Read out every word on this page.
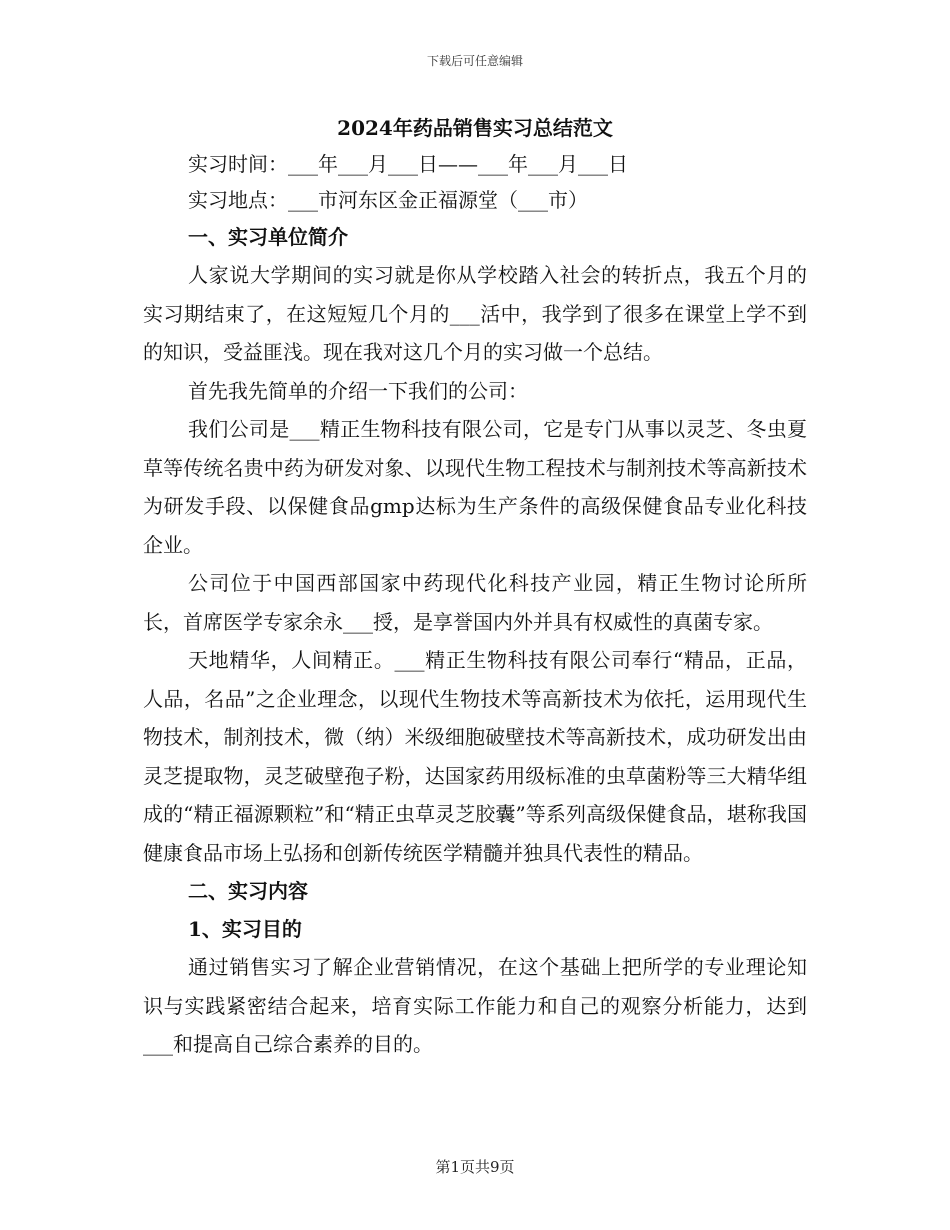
下载后可任意编辑
2024年药品销售实习总结范文

实习时间：___年___月___日——___年___月___日

实习地点：___市河东区金正福源堂（___市）

一、实习单位简介

人家说大学期间的实习就是你从学校踏入社会的转折点，我五个月的实习期结束了，在这短短几个月的___活中，我学到了很多在课堂上学不到的知识，受益匪浅。现在我对这几个月的实习做一个总结。

首先我先简单的介绍一下我们的公司：

我们公司是___精正生物科技有限公司，它是专门从事以灵芝、冬虫夏草等传统名贵中药为研发对象、以现代生物工程技术与制剂技术等高新技术为研发手段、以保健食品gmp达标为生产条件的高级保健食品专业化科技企业。

公司位于中国西部国家中药现代化科技产业园，精正生物讨论所所长，首席医学专家余永___授，是享誉国内外并具有权威性的真菌专家。

天地精华，人间精正。___精正生物科技有限公司奉行“精品，正品，人品，名品”之企业理念，以现代生物技术等高新技术为依托，运用现代生物技术，制剂技术，微（纳）米级细胞破壁技术等高新技术，成功研发出由灵芝提取物，灵芝破壁孢子粉，达国家药用级标准的虫草菌粉等三大精华组成的“精正福源颗粒”和“精正虫草灵芝胶囊”等系列高级保健食品，堪称我国健康食品市场上弘扬和创新传统医学精髓并独具代表性的精品。

二、实习内容

1、实习目的

通过销售实习了解企业营销情况，在这个基础上把所学的专业理论知识与实践紧密结合起来，培育实际工作能力和自己的观察分析能力，达到___和提高自己综合素养的目的。

第1页共9页
